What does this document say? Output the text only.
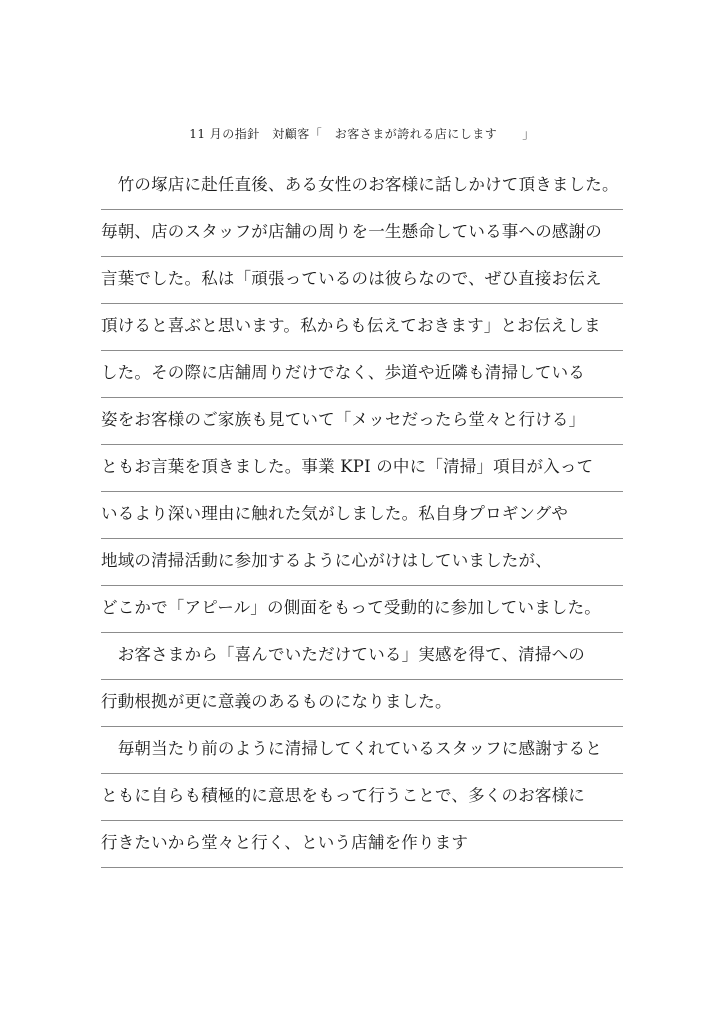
11 月の指針　対顧客「　お客さまが誇れる店にします　　」
　竹の塚店に赴任直後、ある女性のお客様に話しかけて頂きました。
毎朝、店のスタッフが店舗の周りを一生懸命している事への感謝の
言葉でした。私は「頑張っているのは彼らなので、ぜひ直接お伝え
頂けると喜ぶと思います。私からも伝えておきます」とお伝えしま
した。その際に店舗周りだけでなく、歩道や近隣も清掃している
姿をお客様のご家族も見ていて「メッセだったら堂々と行ける」
ともお言葉を頂きました。事業 KPI の中に「清掃」項目が入って
いるより深い理由に触れた気がしました。私自身プロギングや
地域の清掃活動に参加するように心がけはしていましたが、
どこかで「アピール」の側面をもって受動的に参加していました。
　お客さまから「喜んでいただけている」実感を得て、清掃への
行動根拠が更に意義のあるものになりました。
　毎朝当たり前のように清掃してくれているスタッフに感謝すると
ともに自らも積極的に意思をもって行うことで、多くのお客様に
行きたいから堂々と行く、という店舗を作ります
